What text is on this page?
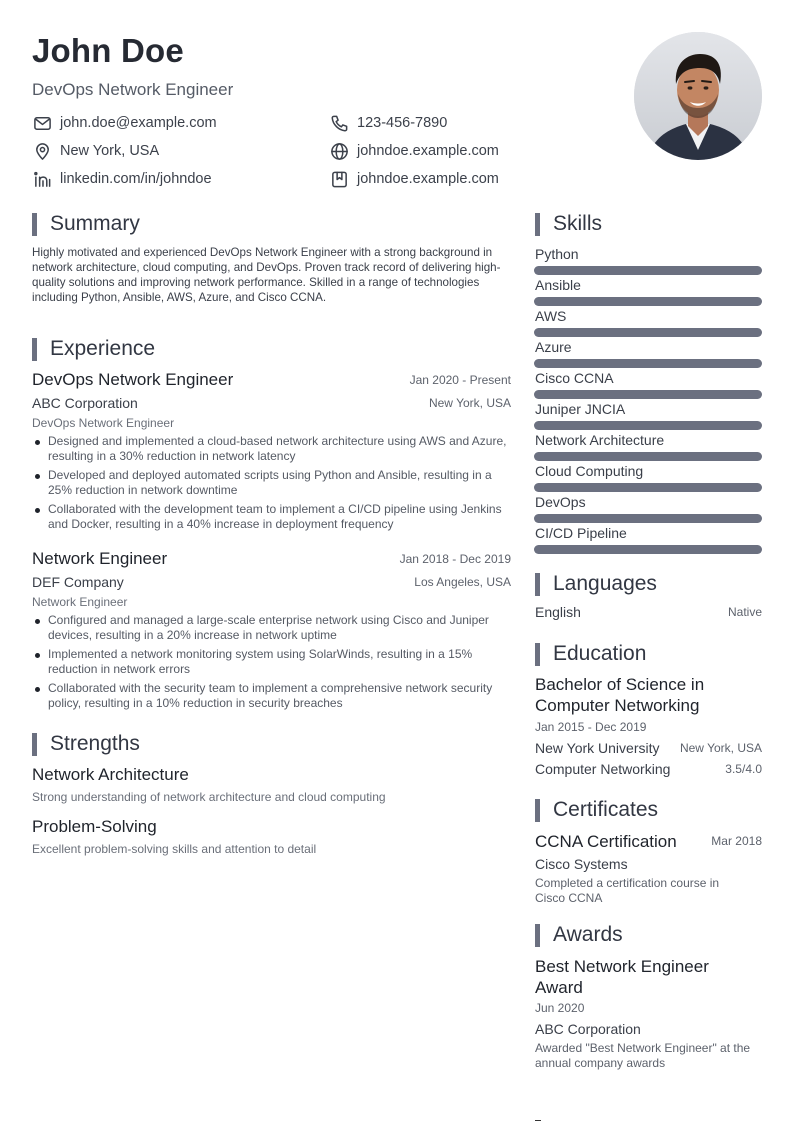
John Doe
DevOps Network Engineer
john.doe@example.com	123-456-7890
New York, USA	johndoe.example.com
linkedin.com/in/johndoe	johndoe.example.com
Summary
Highly motivated and experienced DevOps Network Engineer with a strong background in network architecture, cloud computing, and DevOps. Proven track record of delivering high-quality solutions and improving network performance. Skilled in a range of technologies including Python, Ansible, AWS, Azure, and Cisco CCNA.
Experience
DevOps Network Engineer	Jan 2020 - Present
ABC Corporation	New York, USA
DevOps Network Engineer
Designed and implemented a cloud-based network architecture using AWS and Azure, resulting in a 30% reduction in network latency
Developed and deployed automated scripts using Python and Ansible, resulting in a 25% reduction in network downtime
Collaborated with the development team to implement a CI/CD pipeline using Jenkins and Docker, resulting in a 40% increase in deployment frequency
Network Engineer	Jan 2018 - Dec 2019
DEF Company	Los Angeles, USA
Network Engineer
Configured and managed a large-scale enterprise network using Cisco and Juniper devices, resulting in a 20% increase in network uptime
Implemented a network monitoring system using SolarWinds, resulting in a 15% reduction in network errors
Collaborated with the security team to implement a comprehensive network security policy, resulting in a 10% reduction in security breaches
Strengths
Network Architecture
Strong understanding of network architecture and cloud computing
Problem-Solving
Excellent problem-solving skills and attention to detail
Skills
Python
Ansible
AWS
Azure
Cisco CCNA
Juniper JNCIA
Network Architecture
Cloud Computing
DevOps
CI/CD Pipeline
Languages
English	Native
Education
Bachelor of Science in Computer Networking
Jan 2015 - Dec 2019
New York University	New York, USA
Computer Networking	3.5/4.0
Certificates
CCNA Certification	Mar 2018
Cisco Systems
Completed a certification course in Cisco CCNA
Awards
Best Network Engineer Award
Jun 2020
ABC Corporation
Awarded "Best Network Engineer" at the annual company awards
